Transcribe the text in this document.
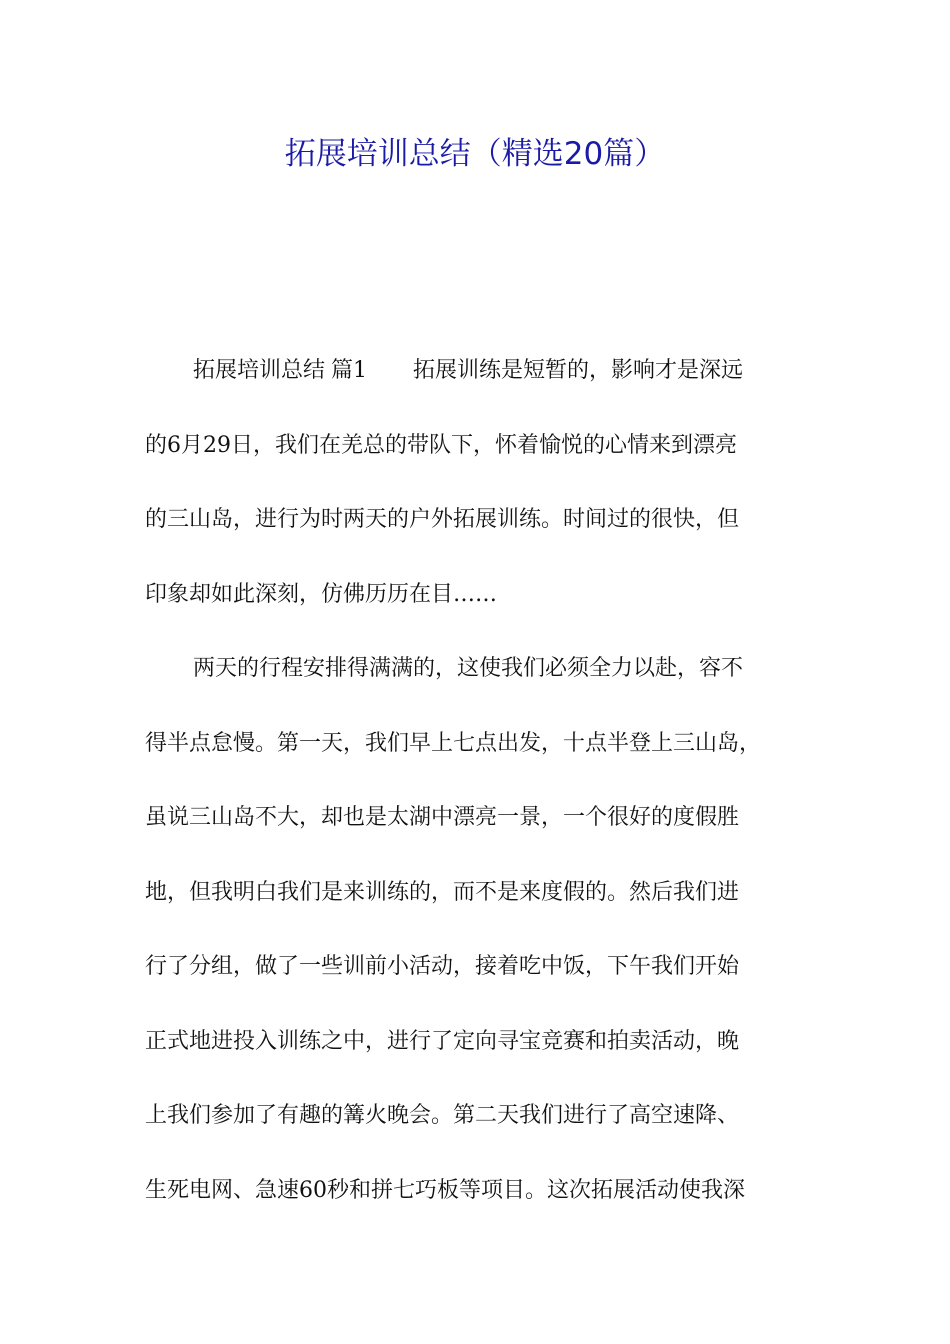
拓展培训总结（精选20篇）
拓展培训总结 篇1 拓展训练是短暂的，影响才是深远
的6月29日，我们在羌总的带队下，怀着愉悦的心情来到漂亮
的三山岛，进行为时两天的户外拓展训练。时间过的很快，但
印象却如此深刻，仿佛历历在目……
两天的行程安排得满满的，这使我们必须全力以赴，容不
得半点怠慢。第一天，我们早上七点出发，十点半登上三山岛，
虽说三山岛不大，却也是太湖中漂亮一景，一个很好的度假胜
地，但我明白我们是来训练的，而不是来度假的。然后我们进
行了分组，做了一些训前小活动，接着吃中饭，下午我们开始
正式地进投入训练之中，进行了定向寻宝竞赛和拍卖活动，晚
上我们参加了有趣的篝火晚会。第二天我们进行了高空速降、
生死电网、急速60秒和拼七巧板等项目。这次拓展活动使我深
